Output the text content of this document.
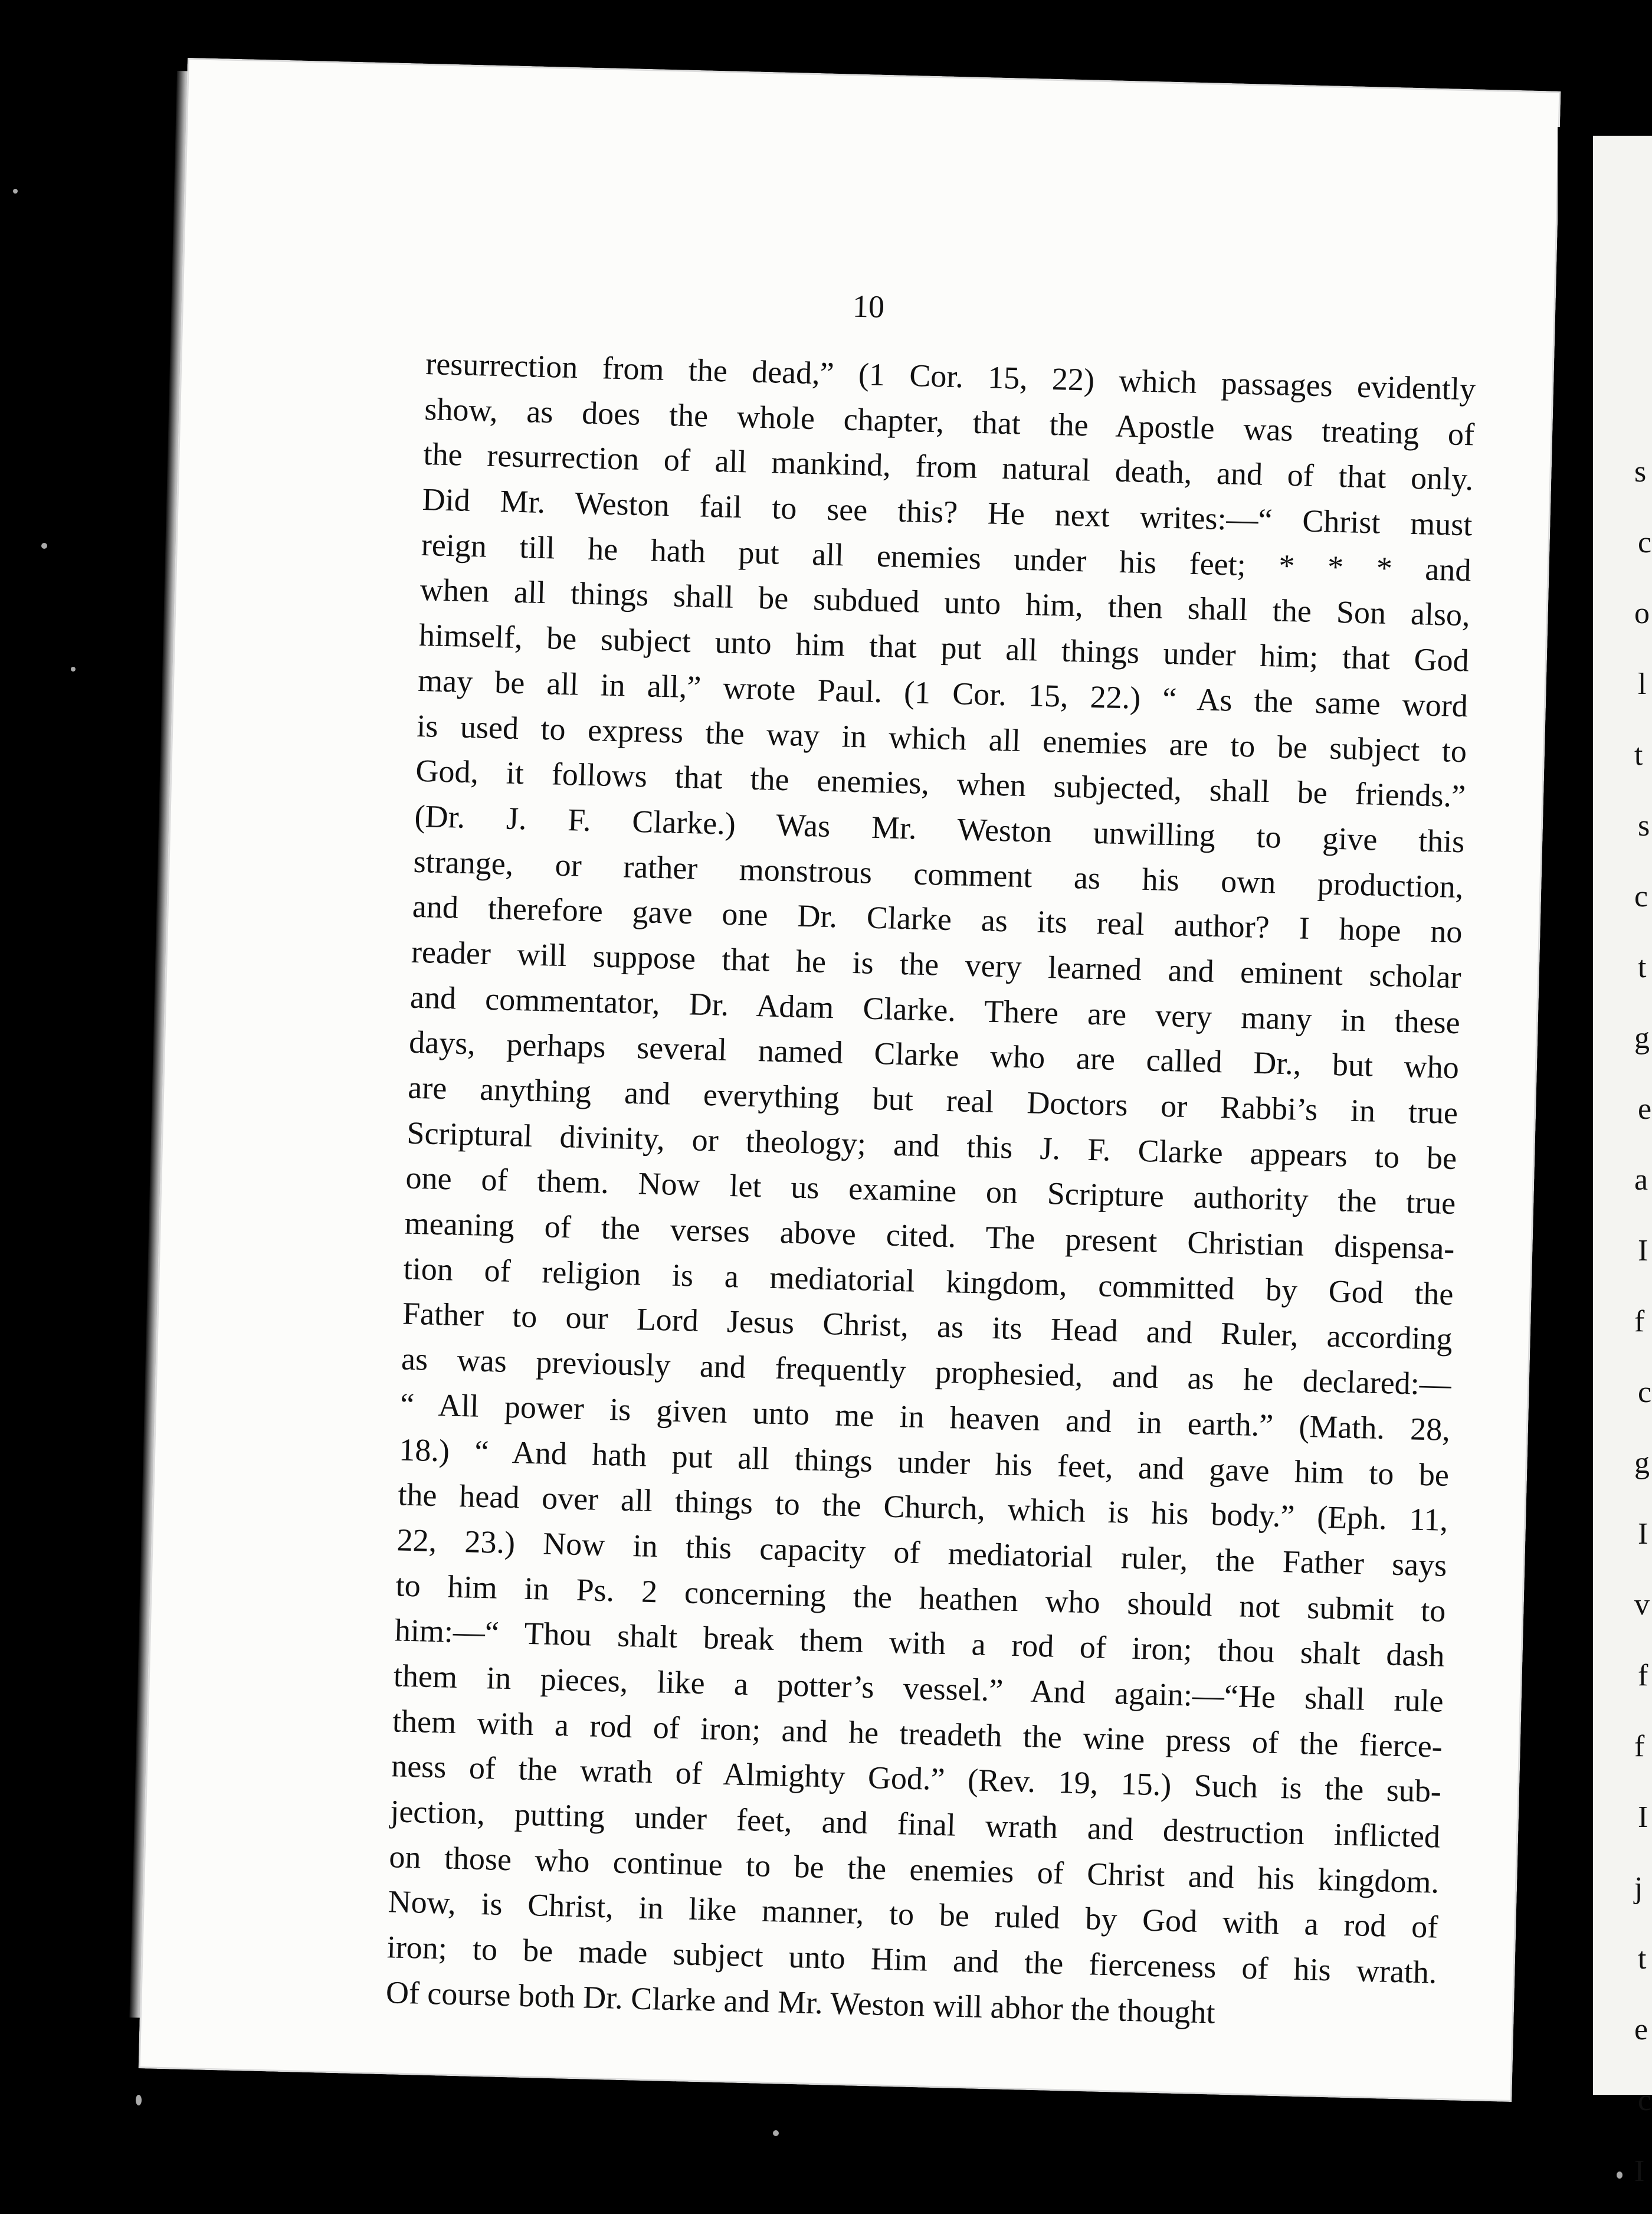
10
resurrection from the dead,” (1 Cor. 15, 22) which passages evidently
show, as does the whole chapter, that the Apostle was treating of
the resurrection of all mankind, from natural death, and of that only.
Did Mr. Weston fail to see this? He next writes:—“ Christ must
reign till he hath put all enemies under his feet; * * * and
when all things shall be subdued unto him, then shall the Son also,
himself, be subject unto him that put all things under him; that God
may be all in all,” wrote Paul. (1 Cor. 15, 22.) “ As the same word
is used to express the way in which all enemies are to be subject to
God, it follows that the enemies, when subjected, shall be friends.”
(Dr. J. F. Clarke.) Was Mr. Weston unwilling to give this
strange, or rather monstrous comment as his own production,
and therefore gave one Dr. Clarke as its real author? I hope no
reader will suppose that he is the very learned and eminent scholar
and commentator, Dr. Adam Clarke. There are very many in these
days, perhaps several named Clarke who are called Dr., but who
are anything and everything but real Doctors or Rabbi’s in true
Scriptural divinity, or theology; and this J. F. Clarke appears to be
one of them. Now let us examine on Scripture authority the true
meaning of the verses above cited. The present Christian dispensa-
tion of religion is a mediatorial kingdom, committed by God the
Father to our Lord Jesus Christ, as its Head and Ruler, according
as was previously and frequently prophesied, and as he declared:—
“ All power is given unto me in heaven and in earth.” (Math. 28,
18.) “ And hath put all things under his feet, and gave him to be
the head over all things to the Church, which is his body.” (Eph. 11,
22, 23.) Now in this capacity of mediatorial ruler, the Father says
to him in Ps. 2 concerning the heathen who should not submit to
him:—“ Thou shalt break them with a rod of iron; thou shalt dash
them in pieces, like a potter’s vessel.” And again:—“He shall rule
them with a rod of iron; and he treadeth the wine press of the fierce-
ness of the wrath of Almighty God.” (Rev. 19, 15.) Such is the sub-
jection, putting under feet, and final wrath and destruction inflicted
on those who continue to be the enemies of Christ and his kingdom.
Now, is Christ, in like manner, to be ruled by God with a rod of
iron; to be made subject unto Him and the fierceness of his wrath.
Of course both Dr. Clarke and Mr. Weston will abhor the thought
s
c
o
l
t
s
c
t
g
e
a
I
f
c
g
I
v
f
f
I
j
t
e
c
I
